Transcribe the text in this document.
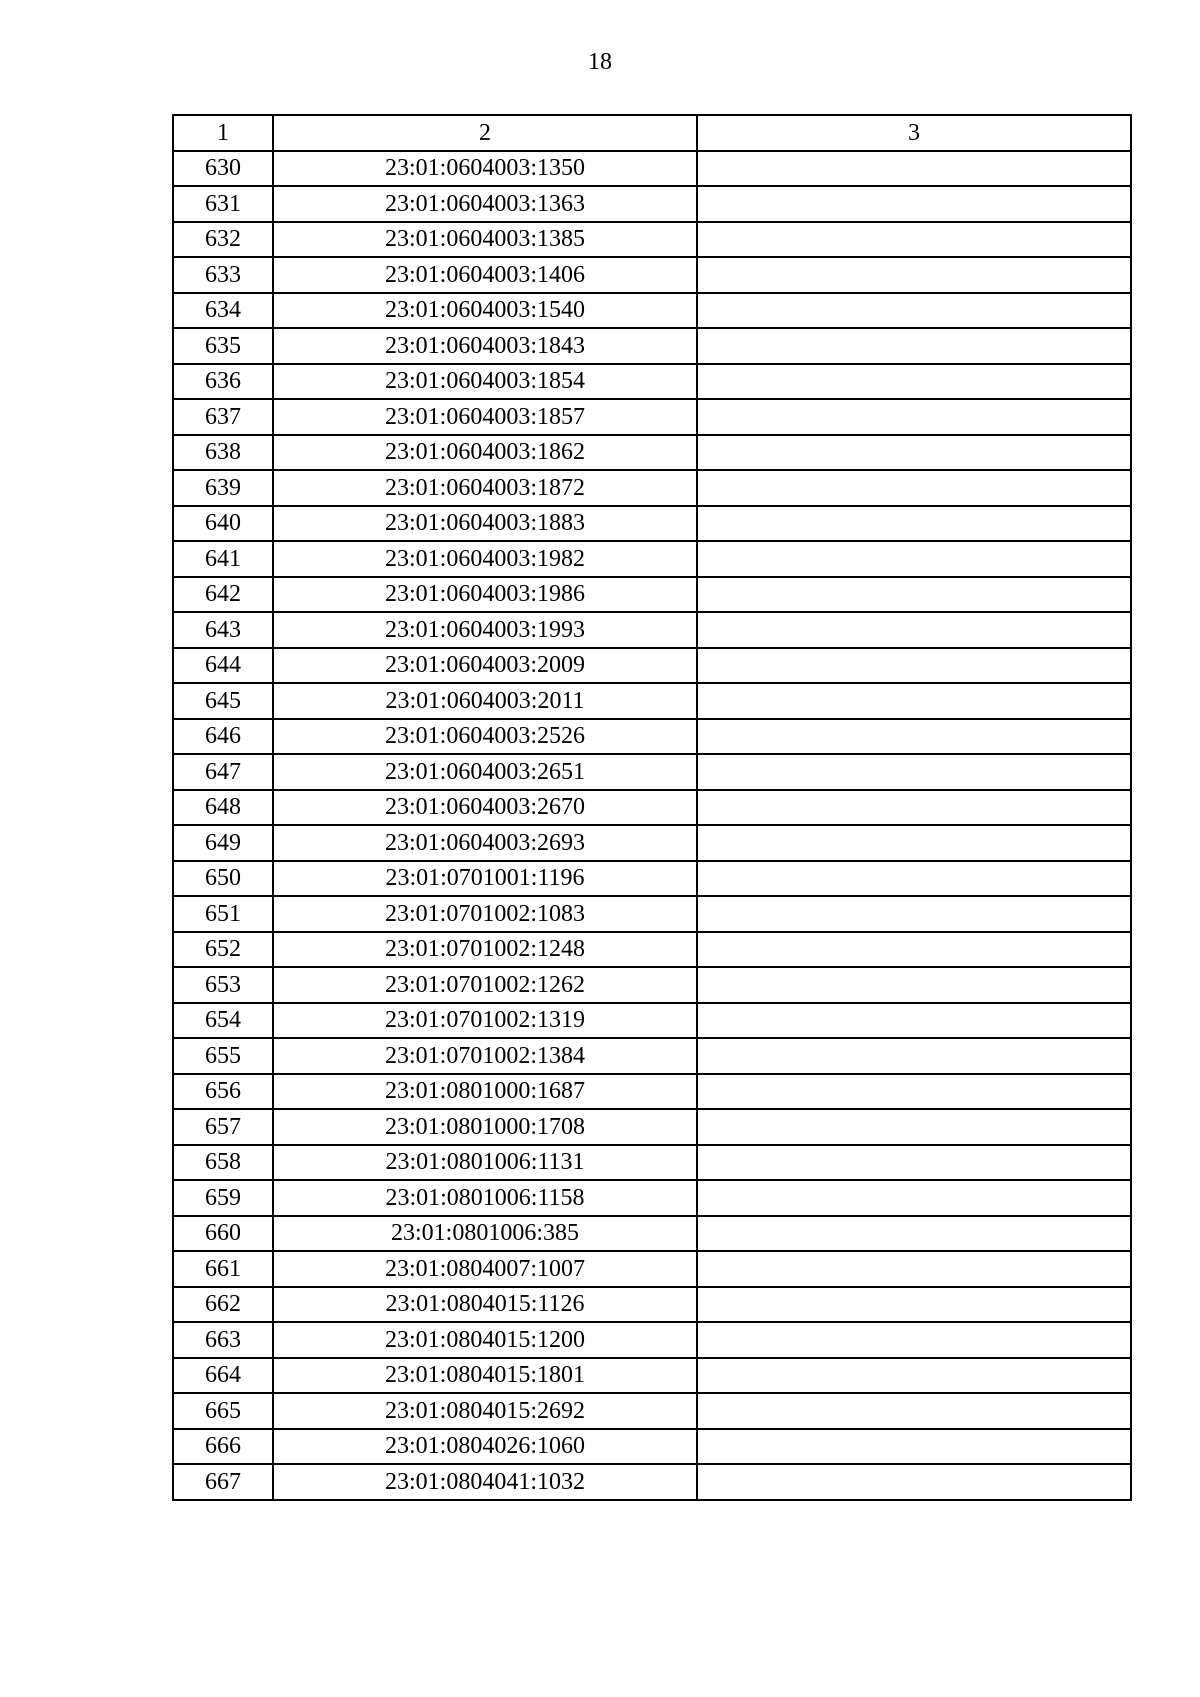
18
1	2	3
630	23:01:0604003:1350	
631	23:01:0604003:1363	
632	23:01:0604003:1385	
633	23:01:0604003:1406	
634	23:01:0604003:1540	
635	23:01:0604003:1843	
636	23:01:0604003:1854	
637	23:01:0604003:1857	
638	23:01:0604003:1862	
639	23:01:0604003:1872	
640	23:01:0604003:1883	
641	23:01:0604003:1982	
642	23:01:0604003:1986	
643	23:01:0604003:1993	
644	23:01:0604003:2009	
645	23:01:0604003:2011	
646	23:01:0604003:2526	
647	23:01:0604003:2651	
648	23:01:0604003:2670	
649	23:01:0604003:2693	
650	23:01:0701001:1196	
651	23:01:0701002:1083	
652	23:01:0701002:1248	
653	23:01:0701002:1262	
654	23:01:0701002:1319	
655	23:01:0701002:1384	
656	23:01:0801000:1687	
657	23:01:0801000:1708	
658	23:01:0801006:1131	
659	23:01:0801006:1158	
660	23:01:0801006:385	
661	23:01:0804007:1007	
662	23:01:0804015:1126	
663	23:01:0804015:1200	
664	23:01:0804015:1801	
665	23:01:0804015:2692	
666	23:01:0804026:1060	
667	23:01:0804041:1032	
